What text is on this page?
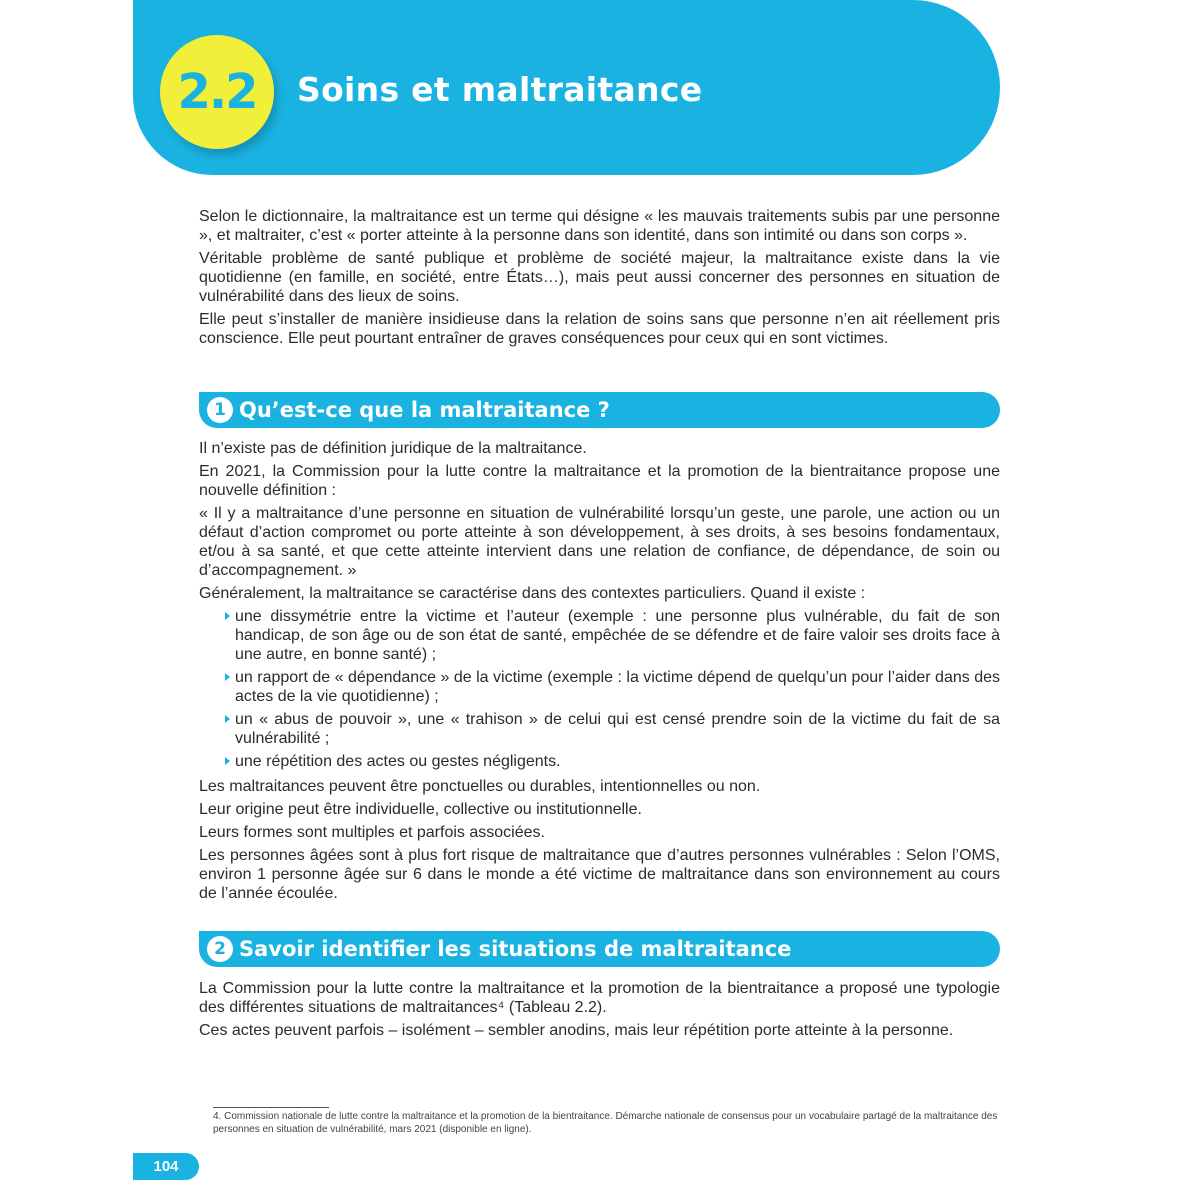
2.2 Soins et maltraitance

Selon le dictionnaire, la maltraitance est un terme qui désigne « les mauvais traitements subis par une personne », et maltraiter, c’est « porter atteinte à la personne dans son identité, dans son intimité ou dans son corps ».

Véritable problème de santé publique et problème de société majeur, la maltraitance existe dans la vie quotidienne (en famille, en société, entre États…), mais peut aussi concerner des personnes en situation de vulnérabilité dans des lieux de soins.

Elle peut s’installer de manière insidieuse dans la relation de soins sans que personne n’en ait réellement pris conscience. Elle peut pourtant entraîner de graves conséquences pour ceux qui en sont victimes.

1 Qu’est-ce que la maltraitance ?

Il n’existe pas de définition juridique de la maltraitance.

En 2021, la Commission pour la lutte contre la maltraitance et la promotion de la bientraitance propose une nouvelle définition :

« Il y a maltraitance d’une personne en situation de vulnérabilité lorsqu’un geste, une parole, une action ou un défaut d’action compromet ou porte atteinte à son développement, à ses droits, à ses besoins fondamentaux, et/ou à sa santé, et que cette atteinte intervient dans une relation de confiance, de dépendance, de soin ou d’accompagnement. »

Généralement, la maltraitance se caractérise dans des contextes particuliers. Quand il existe :

une dissymétrie entre la victime et l’auteur (exemple : une personne plus vulnérable, du fait de son handicap, de son âge ou de son état de santé, empêchée de se défendre et de faire valoir ses droits face à une autre, en bonne santé) ;
un rapport de « dépendance » de la victime (exemple : la victime dépend de quelqu’un pour l’aider dans des actes de la vie quotidienne) ;
un « abus de pouvoir », une « trahison » de celui qui est censé prendre soin de la victime du fait de sa vulnérabilité ;
une répétition des actes ou gestes négligents.

Les maltraitances peuvent être ponctuelles ou durables, intentionnelles ou non.

Leur origine peut être individuelle, collective ou institutionnelle.

Leurs formes sont multiples et parfois associées.

Les personnes âgées sont à plus fort risque de maltraitance que d’autres personnes vulnérables : Selon l’OMS, environ 1 personne âgée sur 6 dans le monde a été victime de maltraitance dans son environnement au cours de l’année écoulée.

2 Savoir identifier les situations de maltraitance

La Commission pour la lutte contre la maltraitance et la promotion de la bientraitance a proposé une typologie des différentes situations de maltraitances⁴ (Tableau 2.2).

Ces actes peuvent parfois – isolément – sembler anodins, mais leur répétition porte atteinte à la personne.

4. Commission nationale de lutte contre la maltraitance et la promotion de la bientraitance. Démarche nationale de consensus pour un vocabulaire partagé de la maltraitance des personnes en situation de vulnérabilité, mars 2021 (disponible en ligne).
104
